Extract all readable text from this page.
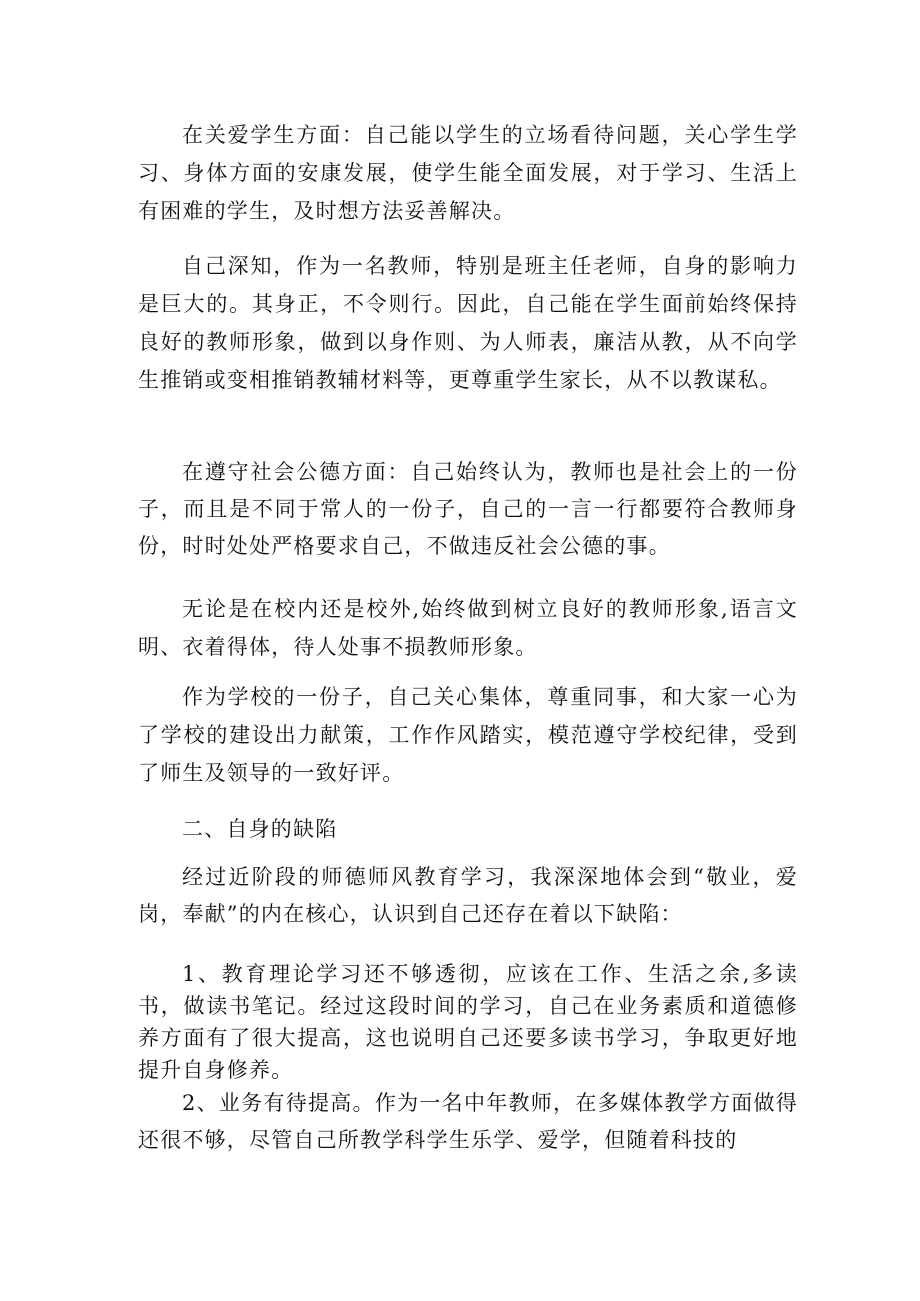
在关爱学生方面：自己能以学生的立场看待问题，关心学生学习、身体方面的安康发展，使学生能全面发展，对于学习、生活上有困难的学生，及时想方法妥善解决。

自己深知，作为一名教师，特别是班主任老师，自身的影响力是巨大的。其身正，不令则行。因此，自己能在学生面前始终保持良好的教师形象，做到以身作则、为人师表，廉洁从教，从不向学生推销或变相推销教辅材料等，更尊重学生家长，从不以教谋私。

在遵守社会公德方面：自己始终认为，教师也是社会上的一份子，而且是不同于常人的一份子，自己的一言一行都要符合教师身份，时时处处严格要求自己，不做违反社会公德的事。

无论是在校内还是校外,始终做到树立良好的教师形象,语言文明、衣着得体，待人处事不损教师形象。

作为学校的一份子，自己关心集体，尊重同事，和大家一心为了学校的建设出力献策，工作作风踏实，模范遵守学校纪律，受到了师生及领导的一致好评。

二、自身的缺陷

经过近阶段的师德师风教育学习，我深深地体会到“敬业，爱岗，奉献”的内在核心，认识到自己还存在着以下缺陷：

1、教育理论学习还不够透彻，应该在工作、生活之余,多读书，做读书笔记。经过这段时间的学习，自己在业务素质和道德修养方面有了很大提高，这也说明自己还要多读书学习，争取更好地提升自身修养。

2、业务有待提高。作为一名中年教师，在多媒体教学方面做得还很不够，尽管自己所教学科学生乐学、爱学，但随着科技的
